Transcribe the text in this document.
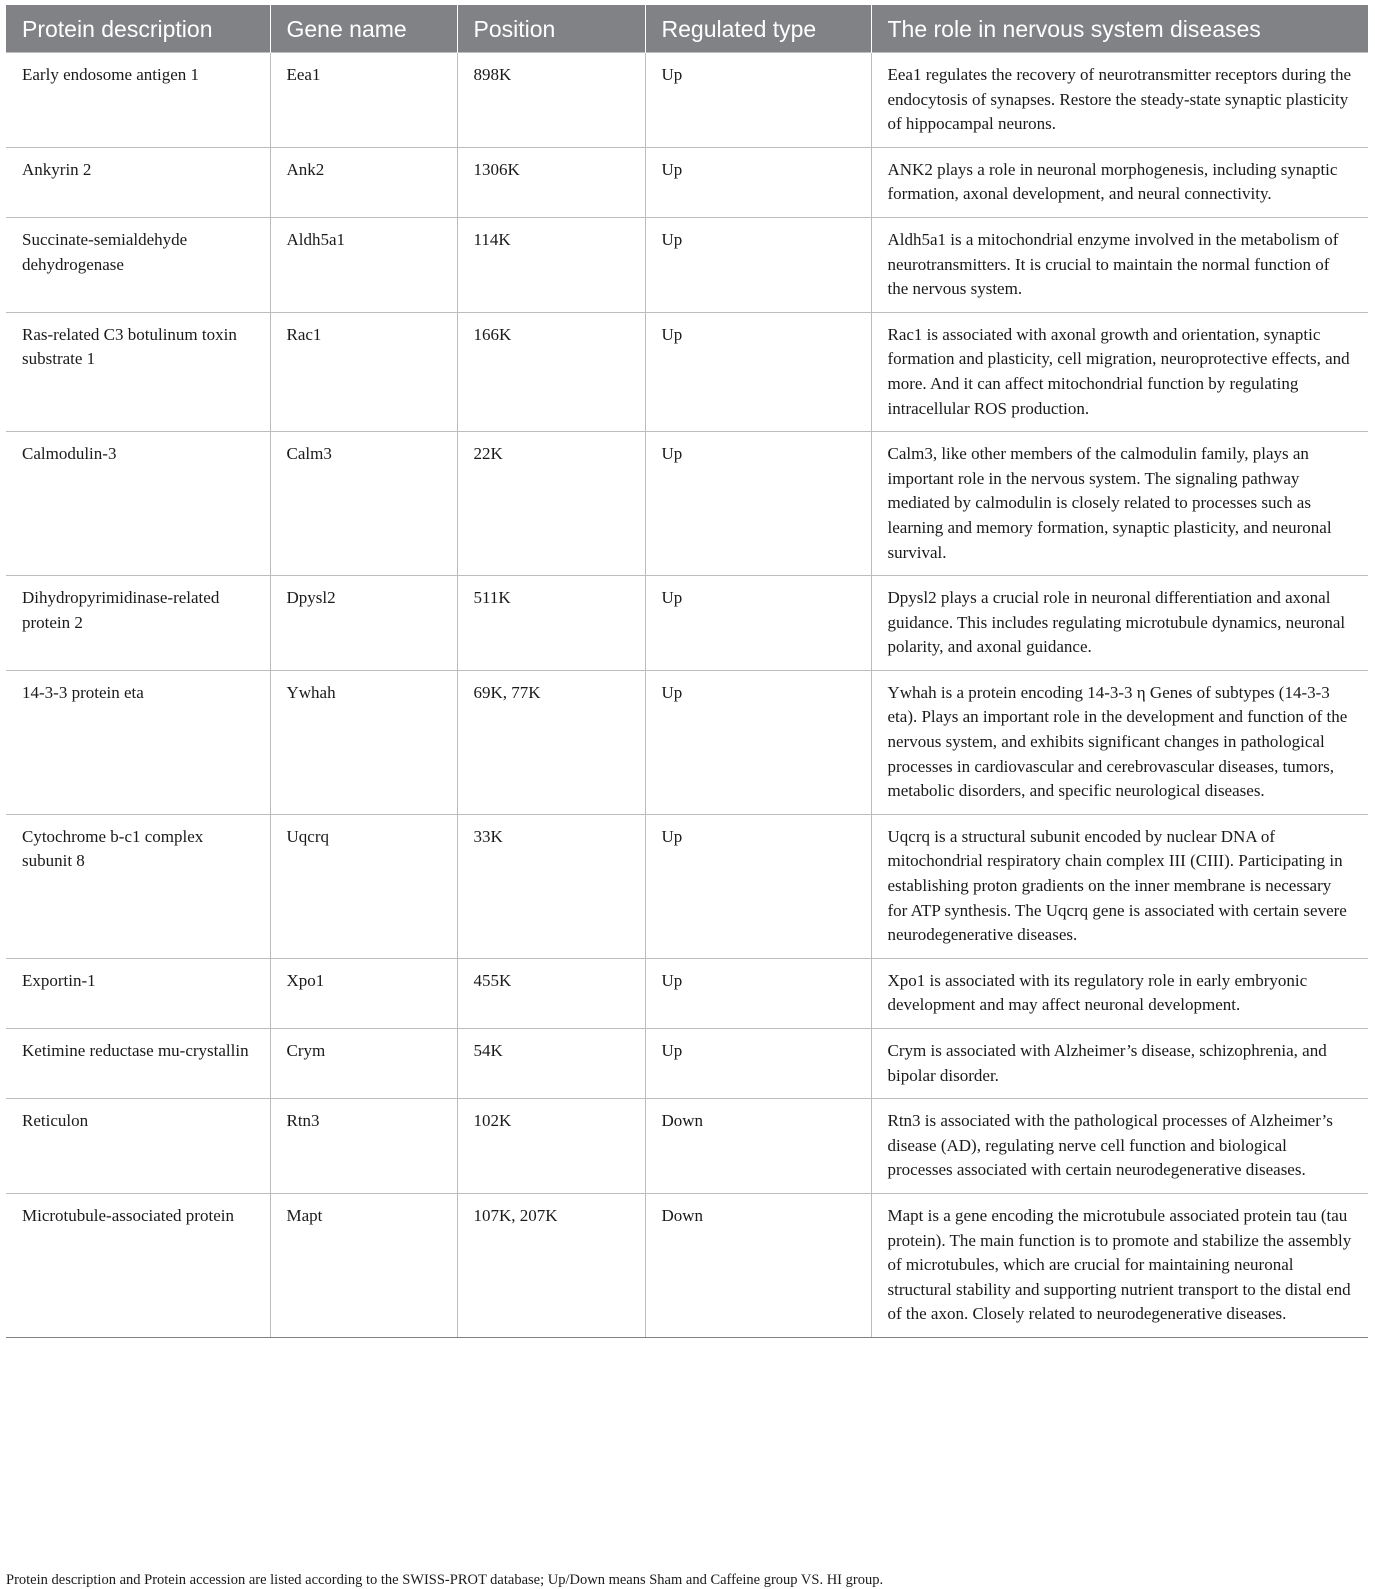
Protein description	Gene name	Position	Regulated type	The role in nervous system diseases
Early endosome antigen 1	Eea1	898K	Up	Eea1 regulates the recovery of neurotransmitter receptors during the endocytosis of synapses. Restore the steady-state synaptic plasticity of hippocampal neurons.
Ankyrin 2	Ank2	1306K	Up	ANK2 plays a role in neuronal morphogenesis, including synaptic formation, axonal development, and neural connectivity.
Succinate-semialdehyde dehydrogenase	Aldh5a1	114K	Up	Aldh5a1 is a mitochondrial enzyme involved in the metabolism of neurotransmitters. It is crucial to maintain the normal function of the nervous system.
Ras-related C3 botulinum toxin substrate 1	Rac1	166K	Up	Rac1 is associated with axonal growth and orientation, synaptic formation and plasticity, cell migration, neuroprotective effects, and more. And it can affect mitochondrial function by regulating intracellular ROS production.
Calmodulin-3	Calm3	22K	Up	Calm3, like other members of the calmodulin family, plays an important role in the nervous system. The signaling pathway mediated by calmodulin is closely related to processes such as learning and memory formation, synaptic plasticity, and neuronal survival.
Dihydropyrimidinase-related protein 2	Dpysl2	511K	Up	Dpysl2 plays a crucial role in neuronal differentiation and axonal guidance. This includes regulating microtubule dynamics, neuronal polarity, and axonal guidance.
14-3-3 protein eta	Ywhah	69K, 77K	Up	Ywhah is a protein encoding 14-3-3 η Genes of subtypes (14-3-3 eta). Plays an important role in the development and function of the nervous system, and exhibits significant changes in pathological processes in cardiovascular and cerebrovascular diseases, tumors, metabolic disorders, and specific neurological diseases.
Cytochrome b-c1 complex subunit 8	Uqcrq	33K	Up	Uqcrq is a structural subunit encoded by nuclear DNA of mitochondrial respiratory chain complex III (CIII). Participating in establishing proton gradients on the inner membrane is necessary for ATP synthesis. The Uqcrq gene is associated with certain severe neurodegenerative diseases.
Exportin-1	Xpo1	455K	Up	Xpo1 is associated with its regulatory role in early embryonic development and may affect neuronal development.
Ketimine reductase mu-crystallin	Crym	54K	Up	Crym is associated with Alzheimer’s disease, schizophrenia, and bipolar disorder.
Reticulon	Rtn3	102K	Down	Rtn3 is associated with the pathological processes of Alzheimer’s disease (AD), regulating nerve cell function and biological processes associated with certain neurodegenerative diseases.
Microtubule-associated protein	Mapt	107K, 207K	Down	Mapt is a gene encoding the microtubule associated protein tau (tau protein). The main function is to promote and stabilize the assembly of microtubules, which are crucial for maintaining neuronal structural stability and supporting nutrient transport to the distal end of the axon. Closely related to neurodegenerative diseases.
Protein description and Protein accession are listed according to the SWISS-PROT database; Up/Down means Sham and Caffeine group VS. HI group.
